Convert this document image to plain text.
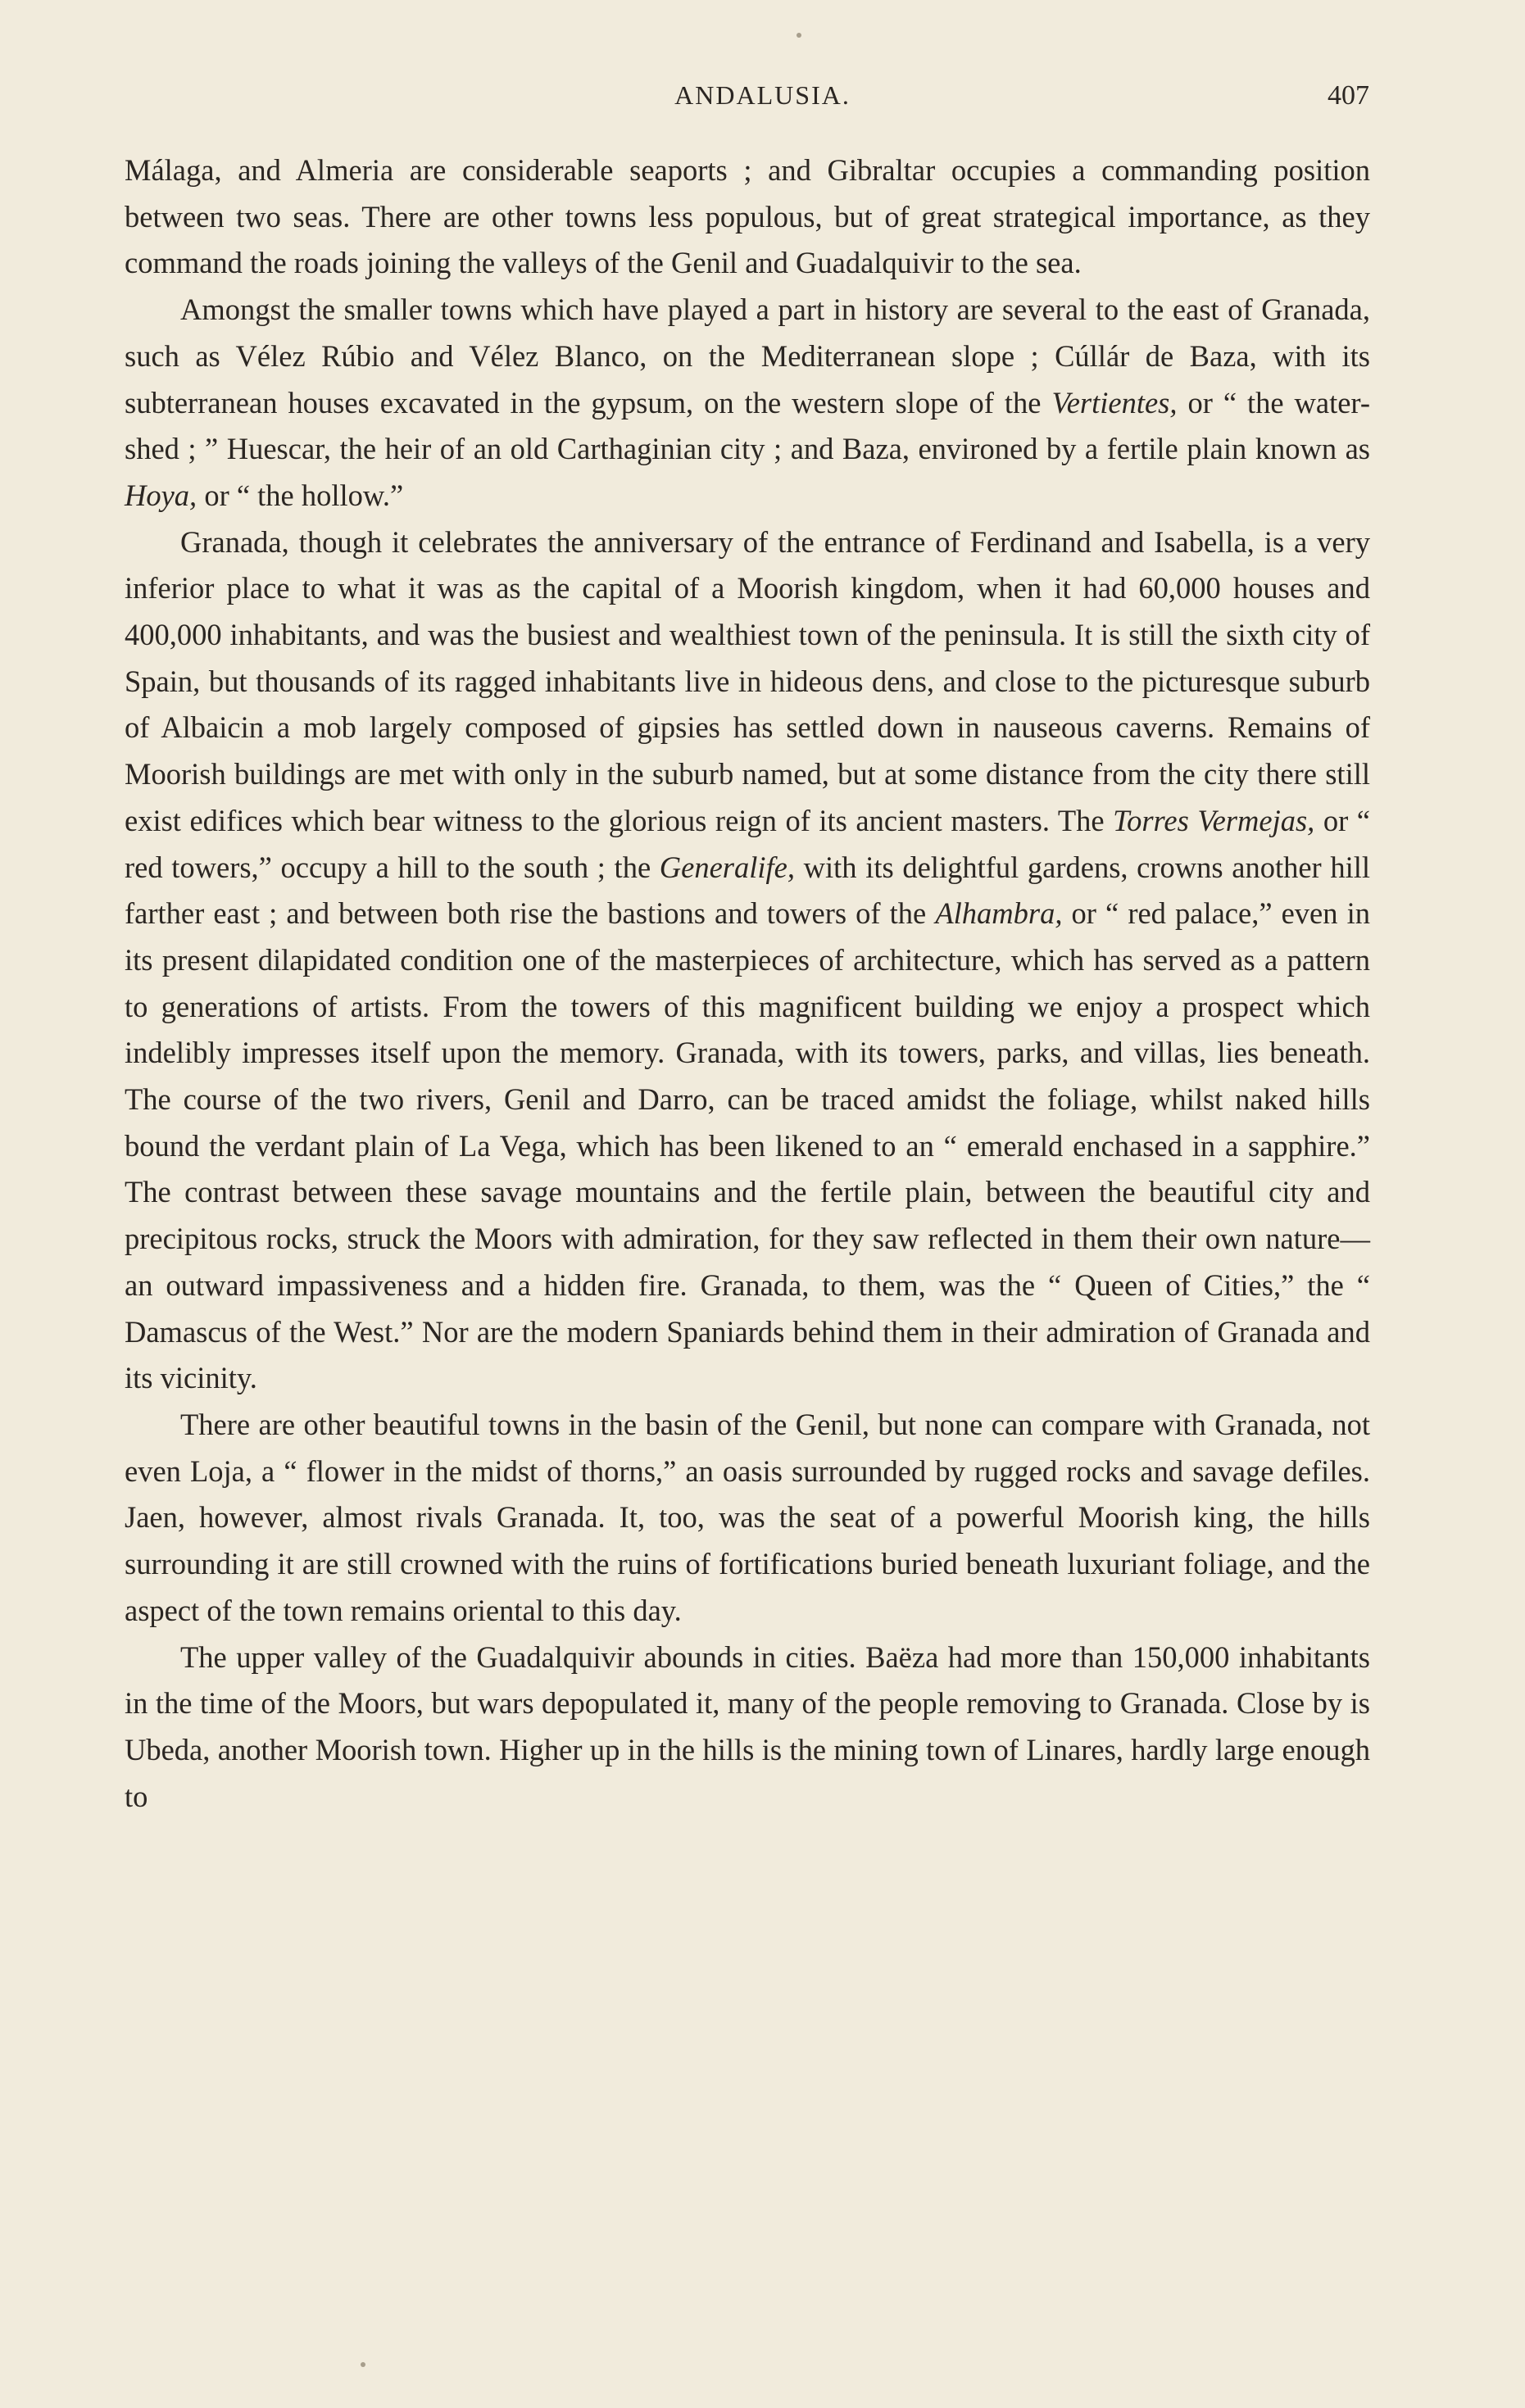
ANDALUSIA.	407

Málaga, and Almeria are considerable seaports ; and Gibraltar occupies a commanding position between two seas. There are other towns less populous, but of great strategical importance, as they command the roads joining the valleys of the Genil and Guadalquivir to the sea.

Amongst the smaller towns which have played a part in history are several to the east of Granada, such as Vélez Rúbio and Vélez Blanco, on the Mediterranean slope ; Cúllár de Baza, with its subterranean houses excavated in the gypsum, on the western slope of the Vertientes, or “ the water-shed ; ” Huescar, the heir of an old Carthaginian city ; and Baza, environed by a fertile plain known as Hoya, or “ the hollow.”

Granada, though it celebrates the anniversary of the entrance of Ferdinand and Isabella, is a very inferior place to what it was as the capital of a Moorish kingdom, when it had 60,000 houses and 400,000 inhabitants, and was the busiest and wealthiest town of the peninsula. It is still the sixth city of Spain, but thousands of its ragged inhabitants live in hideous dens, and close to the picturesque suburb of Albaicin a mob largely composed of gipsies has settled down in nauseous caverns. Remains of Moorish buildings are met with only in the suburb named, but at some distance from the city there still exist edifices which bear witness to the glorious reign of its ancient masters. The Torres Vermejas, or “ red towers,” occupy a hill to the south ; the Generalife, with its delightful gardens, crowns another hill farther east ; and between both rise the bastions and towers of the Alhambra, or “ red palace,” even in its present dilapidated condition one of the masterpieces of architecture, which has served as a pattern to generations of artists. From the towers of this magnificent building we enjoy a prospect which indelibly impresses itself upon the memory. Granada, with its towers, parks, and villas, lies beneath. The course of the two rivers, Genil and Darro, can be traced amidst the foliage, whilst naked hills bound the verdant plain of La Vega, which has been likened to an “ emerald enchased in a sapphire.” The contrast between these savage mountains and the fertile plain, between the beautiful city and precipitous rocks, struck the Moors with admiration, for they saw reflected in them their own nature—an outward impassiveness and a hidden fire. Granada, to them, was the “ Queen of Cities,” the “ Damascus of the West.” Nor are the modern Spaniards behind them in their admiration of Granada and its vicinity.

There are other beautiful towns in the basin of the Genil, but none can compare with Granada, not even Loja, a “ flower in the midst of thorns,” an oasis surrounded by rugged rocks and savage defiles. Jaen, however, almost rivals Granada. It, too, was the seat of a powerful Moorish king, the hills surrounding it are still crowned with the ruins of fortifications buried beneath luxuriant foliage, and the aspect of the town remains oriental to this day.

The upper valley of the Guadalquivir abounds in cities. Baëza had more than 150,000 inhabitants in the time of the Moors, but wars depopulated it, many of the people removing to Granada. Close by is Ubeda, another Moorish town. Higher up in the hills is the mining town of Linares, hardly large enough to
